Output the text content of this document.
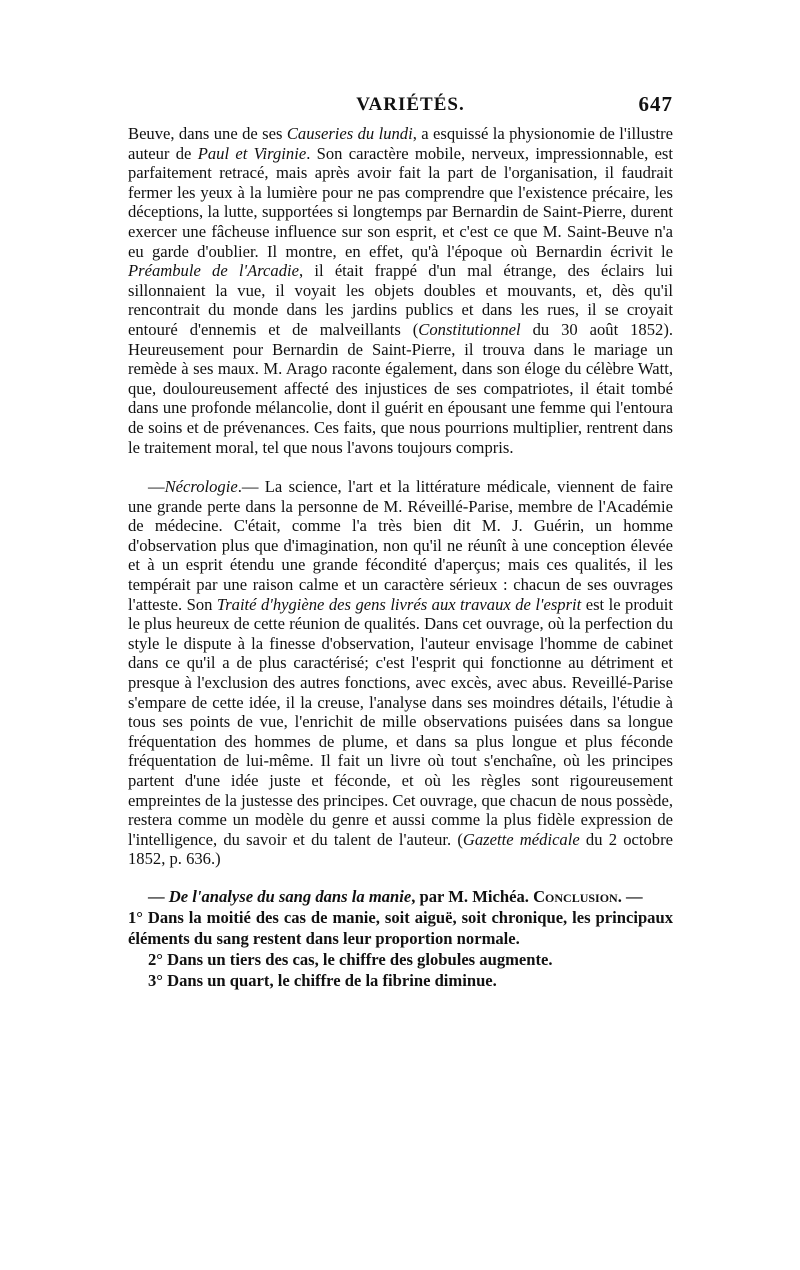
VARIÉTÉS.	647

Beuve, dans une de ses Causeries du lundi, a esquissé la physionomie de l'illustre auteur de Paul et Virginie. Son caractère mobile, nerveux, impressionnable, est parfaitement retracé, mais après avoir fait la part de l'organisation, il faudrait fermer les yeux à la lumière pour ne pas comprendre que l'existence précaire, les déceptions, la lutte, supportées si longtemps par Bernardin de Saint-Pierre, durent exercer une fâcheuse influence sur son esprit, et c'est ce que M. Saint-Beuve n'a eu garde d'oublier. Il montre, en effet, qu'à l'époque où Bernardin écrivit le Préambule de l'Arcadie, il était frappé d'un mal étrange, des éclairs lui sillonnaient la vue, il voyait les objets doubles et mouvants, et, dès qu'il rencontrait du monde dans les jardins publics et dans les rues, il se croyait entouré d'ennemis et de malveillants (Constitutionnel du 30 août 1852). Heureusement pour Bernardin de Saint-Pierre, il trouva dans le mariage un remède à ses maux. M. Arago raconte également, dans son éloge du célèbre Watt, que, douloureusement affecté des injustices de ses compatriotes, il était tombé dans une profonde mélancolie, dont il guérit en épousant une femme qui l'entoura de soins et de prévenances. Ces faits, que nous pourrions multiplier, rentrent dans le traitement moral, tel que nous l'avons toujours compris.

—Nécrologie.— La science, l'art et la littérature médicale, viennent de faire une grande perte dans la personne de M. Réveillé-Parise, membre de l'Académie de médecine. C'était, comme l'a très bien dit M. J. Guérin, un homme d'observation plus que d'imagination, non qu'il ne réunît à une conception élevée et à un esprit étendu une grande fécondité d'aperçus; mais ces qualités, il les tempérait par une raison calme et un caractère sérieux : chacun de ses ouvrages l'atteste. Son Traité d'hygiène des gens livrés aux travaux de l'esprit est le produit le plus heureux de cette réunion de qualités. Dans cet ouvrage, où la perfection du style le dispute à la finesse d'observation, l'auteur envisage l'homme de cabinet dans ce qu'il a de plus caractérisé; c'est l'esprit qui fonctionne au détriment et presque à l'exclusion des autres fonctions, avec excès, avec abus. Reveillé-Parise s'empare de cette idée, il la creuse, l'analyse dans ses moindres détails, l'étudie à tous ses points de vue, l'enrichit de mille observations puisées dans sa longue fréquentation des hommes de plume, et dans sa plus longue et plus féconde fréquentation de lui-même. Il fait un livre où tout s'enchaîne, où les principes partent d'une idée juste et féconde, et où les règles sont rigoureusement empreintes de la justesse des principes. Cet ouvrage, que chacun de nous possède, restera comme un modèle du genre et aussi comme la plus fidèle expression de l'intelligence, du savoir et du talent de l'auteur. (Gazette médicale du 2 octobre 1852, p. 636.)

— De l'analyse du sang dans la manie, par M. Michéa. Conclusion. —

1° Dans la moitié des cas de manie, soit aiguë, soit chronique, les principaux éléments du sang restent dans leur proportion normale.

2° Dans un tiers des cas, le chiffre des globules augmente.

3° Dans un quart, le chiffre de la fibrine diminue.
